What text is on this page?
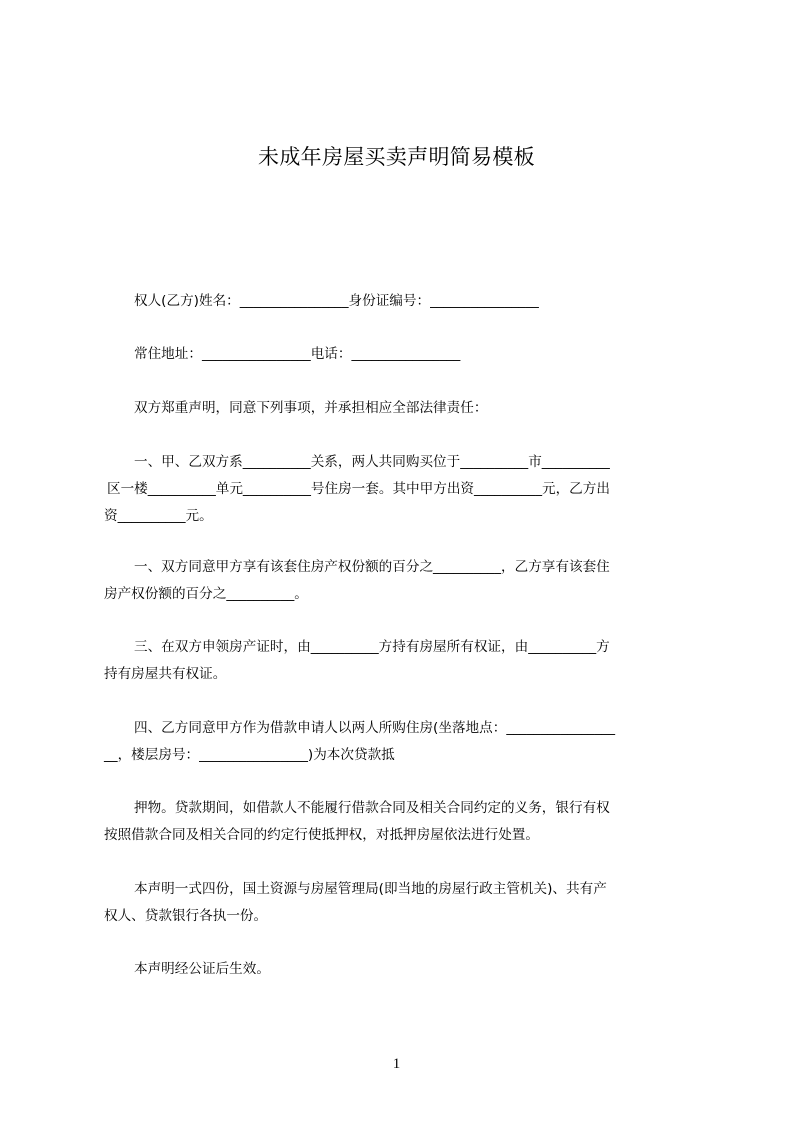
未成年房屋买卖声明简易模板
权人(乙方)姓名：________________身份证编号：________________
常住地址：________________电话：________________
双方郑重声明，同意下列事项，并承担相应全部法律责任：
一、甲、乙双方系__________关系，两人共同购买位于__________市__________
区一楼__________单元__________号住房一套。其中甲方出资__________元，乙方出
资__________元。
一、双方同意甲方享有该套住房产权份额的百分之__________，乙方享有该套住
房产权份额的百分之__________。
三、在双方申领房产证时，由__________方持有房屋所有权证，由__________方
持有房屋共有权证。
四、乙方同意甲方作为借款申请人以两人所购住房(坐落地点：________________
__，楼层房号：________________)为本次贷款抵
押物。贷款期间，如借款人不能履行借款合同及相关合同约定的义务，银行有权
按照借款合同及相关合同的约定行使抵押权，对抵押房屋依法进行处置。
本声明一式四份，国土资源与房屋管理局(即当地的房屋行政主管机关)、共有产
权人、贷款银行各执一份。
本声明经公证后生效。
1
